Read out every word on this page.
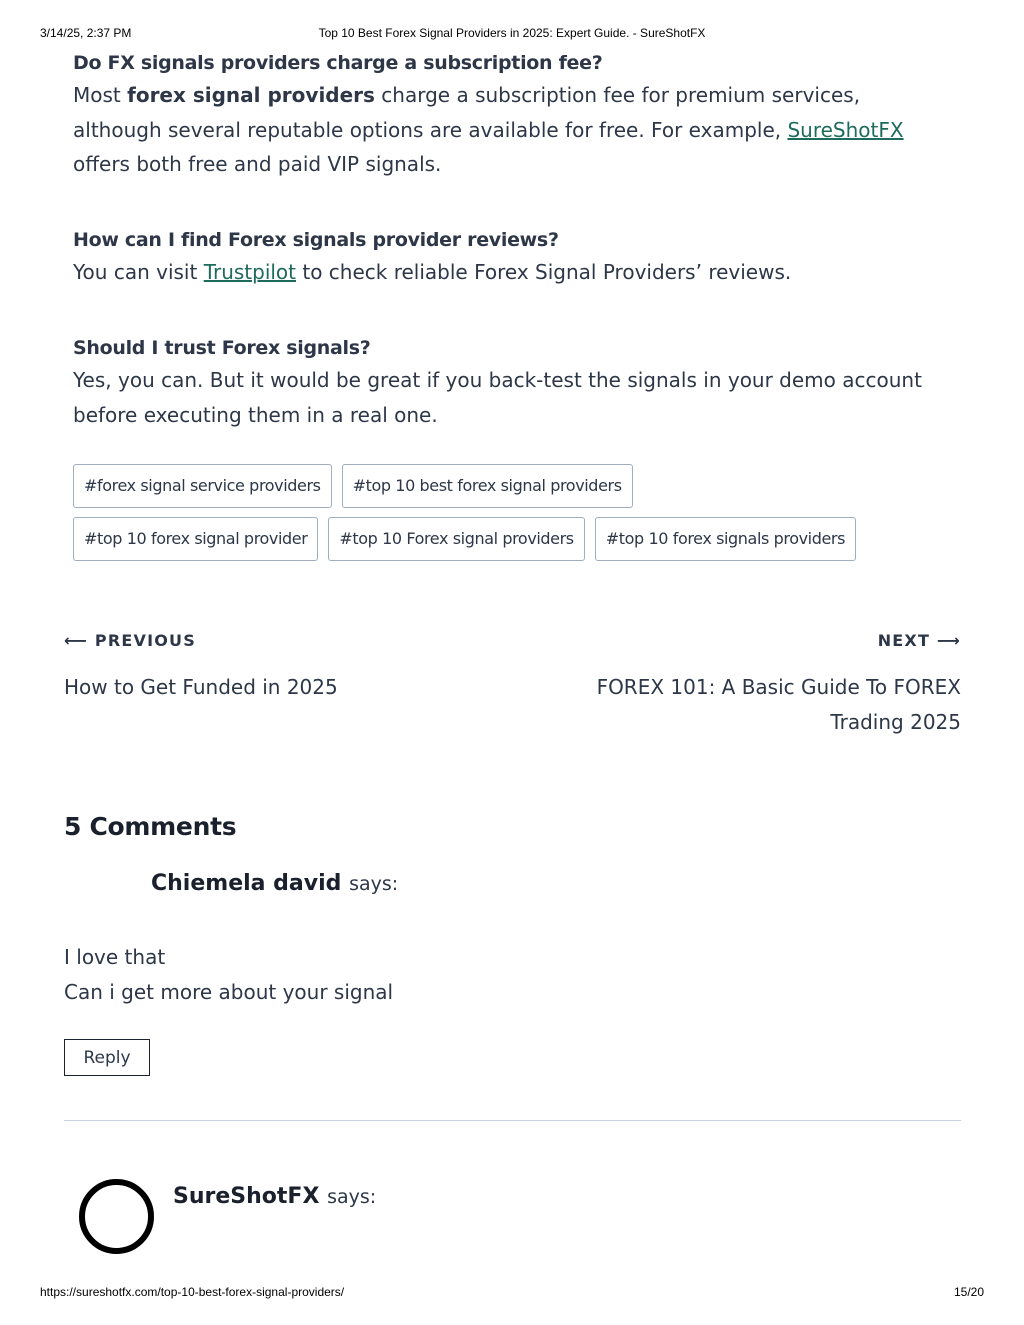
3/14/25, 2:37 PM	Top 10 Best Forex Signal Providers in 2025: Expert Guide. - SureShotFX
Do FX signals providers charge a subscription fee?
Most forex signal providers charge a subscription fee for premium services, although several reputable options are available for free. For example, SureShotFX offers both free and paid VIP signals.
How can I find Forex signals provider reviews?
You can visit Trustpilot to check reliable Forex Signal Providers’ reviews.
Should I trust Forex signals?
Yes, you can. But it would be great if you back-test the signals in your demo account before executing them in a real one.
#forex signal service providers	#top 10 best forex signal providers
#top 10 forex signal provider	#top 10 Forex signal providers	#top 10 forex signals providers
⟵ PREVIOUS
How to Get Funded in 2025
NEXT ⟶
FOREX 101: A Basic Guide To FOREX Trading 2025
5 Comments
Chiemela david says:
I love that
Can i get more about your signal
Reply
SureShotFX says:
https://sureshotfx.com/top-10-best-forex-signal-providers/	15/20
